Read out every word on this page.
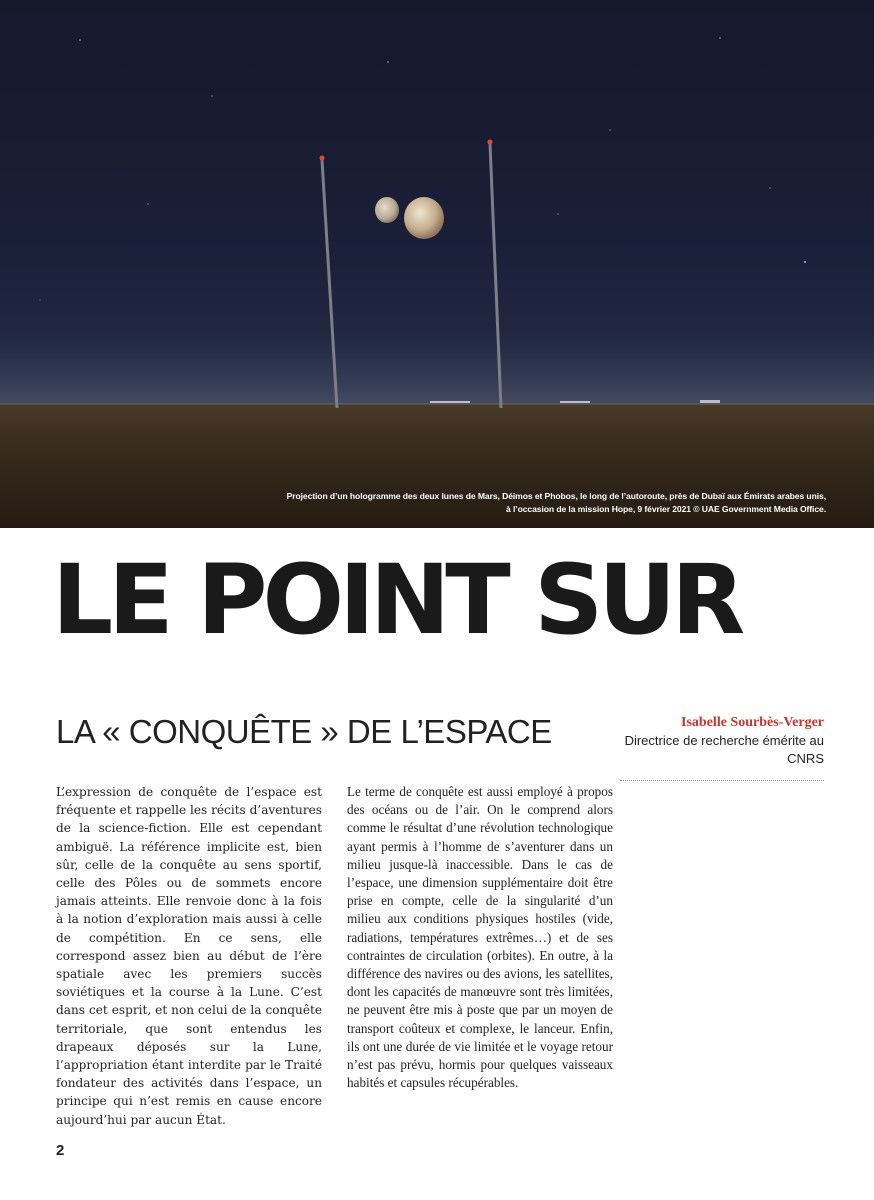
Projection d’un hologramme des deux lunes de Mars, Déimos et Phobos, le long de l’autoroute, près de Dubaï aux Émirats arabes unis,
à l’occasion de la mission Hope, 9 février 2021 © UAE Government Media Office.
LE POINT SUR
LA « CONQUÊTE » DE L’ESPACE	Isabelle Sourbès-Verger
Directrice de recherche émérite au CNRS

L’expression de conquête de l’espace est fréquente et rappelle les récits d’aventures de la science-fiction. Elle est cependant ambiguë. La référence implicite est, bien sûr, celle de la conquête au sens sportif, celle des Pôles ou de sommets encore jamais atteints. Elle renvoie donc à la fois à la notion d’exploration mais aussi à celle de compétition. En ce sens, elle correspond assez bien au début de l’ère spatiale avec les premiers succès soviétiques et la course à la Lune. C’est dans cet esprit, et non celui de la conquête territoriale, que sont entendus les drapeaux déposés sur la Lune, l’appropriation étant interdite par le Traité fondateur des activités dans l’espace, un principe qui n’est remis en cause encore aujourd’hui par aucun État.

Le terme de conquête est aussi employé à propos des océans ou de l’air. On le comprend alors comme le résultat d’une révolution technologique ayant permis à l’homme de s’aventurer dans un milieu jusque-là inaccessible. Dans le cas de l’espace, une dimension supplémentaire doit être prise en compte, celle de la singularité d’un milieu aux conditions physiques hostiles (vide, radiations, températures extrêmes…) et de ses contraintes de circulation (orbites). En outre, à la différence des navires ou des avions, les satellites, dont les capacités de manœuvre sont très limitées, ne peuvent être mis à poste que par un moyen de transport coûteux et complexe, le lanceur. Enfin, ils ont une durée de vie limitée et le voyage retour n’est pas prévu, hormis pour quelques vaisseaux habités et capsules récupérables.

2
